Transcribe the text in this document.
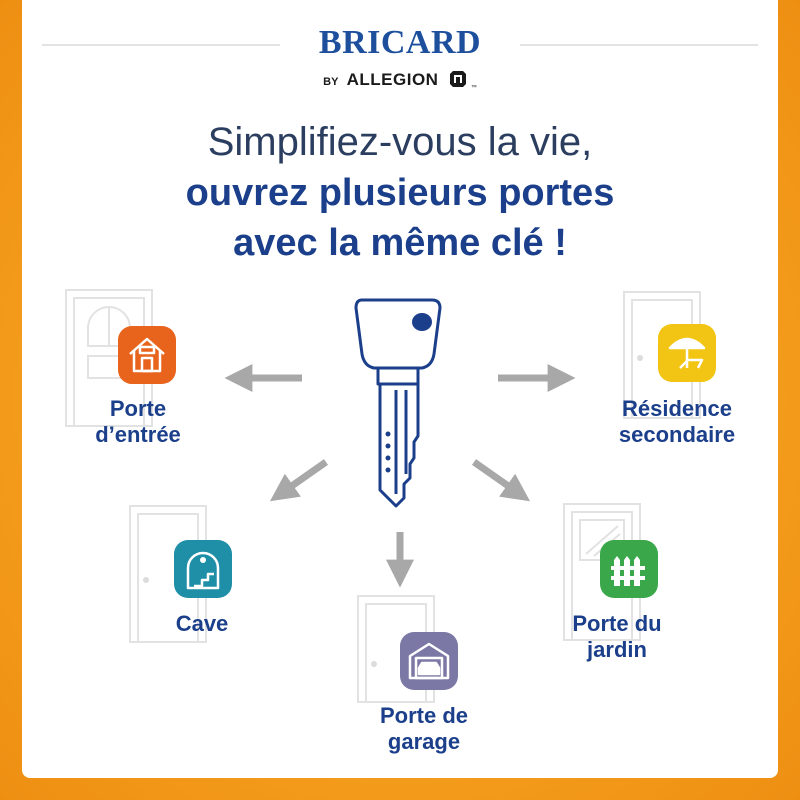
BRICARD
BY ALLEGION	$_™$
Simplifiez-vous la vie,
ouvrez plusieurs portes
avec la même clé !
Porte
d’entrée
Résidence
secondaire
Cave
Porte de
garage
Porte du
jardin
